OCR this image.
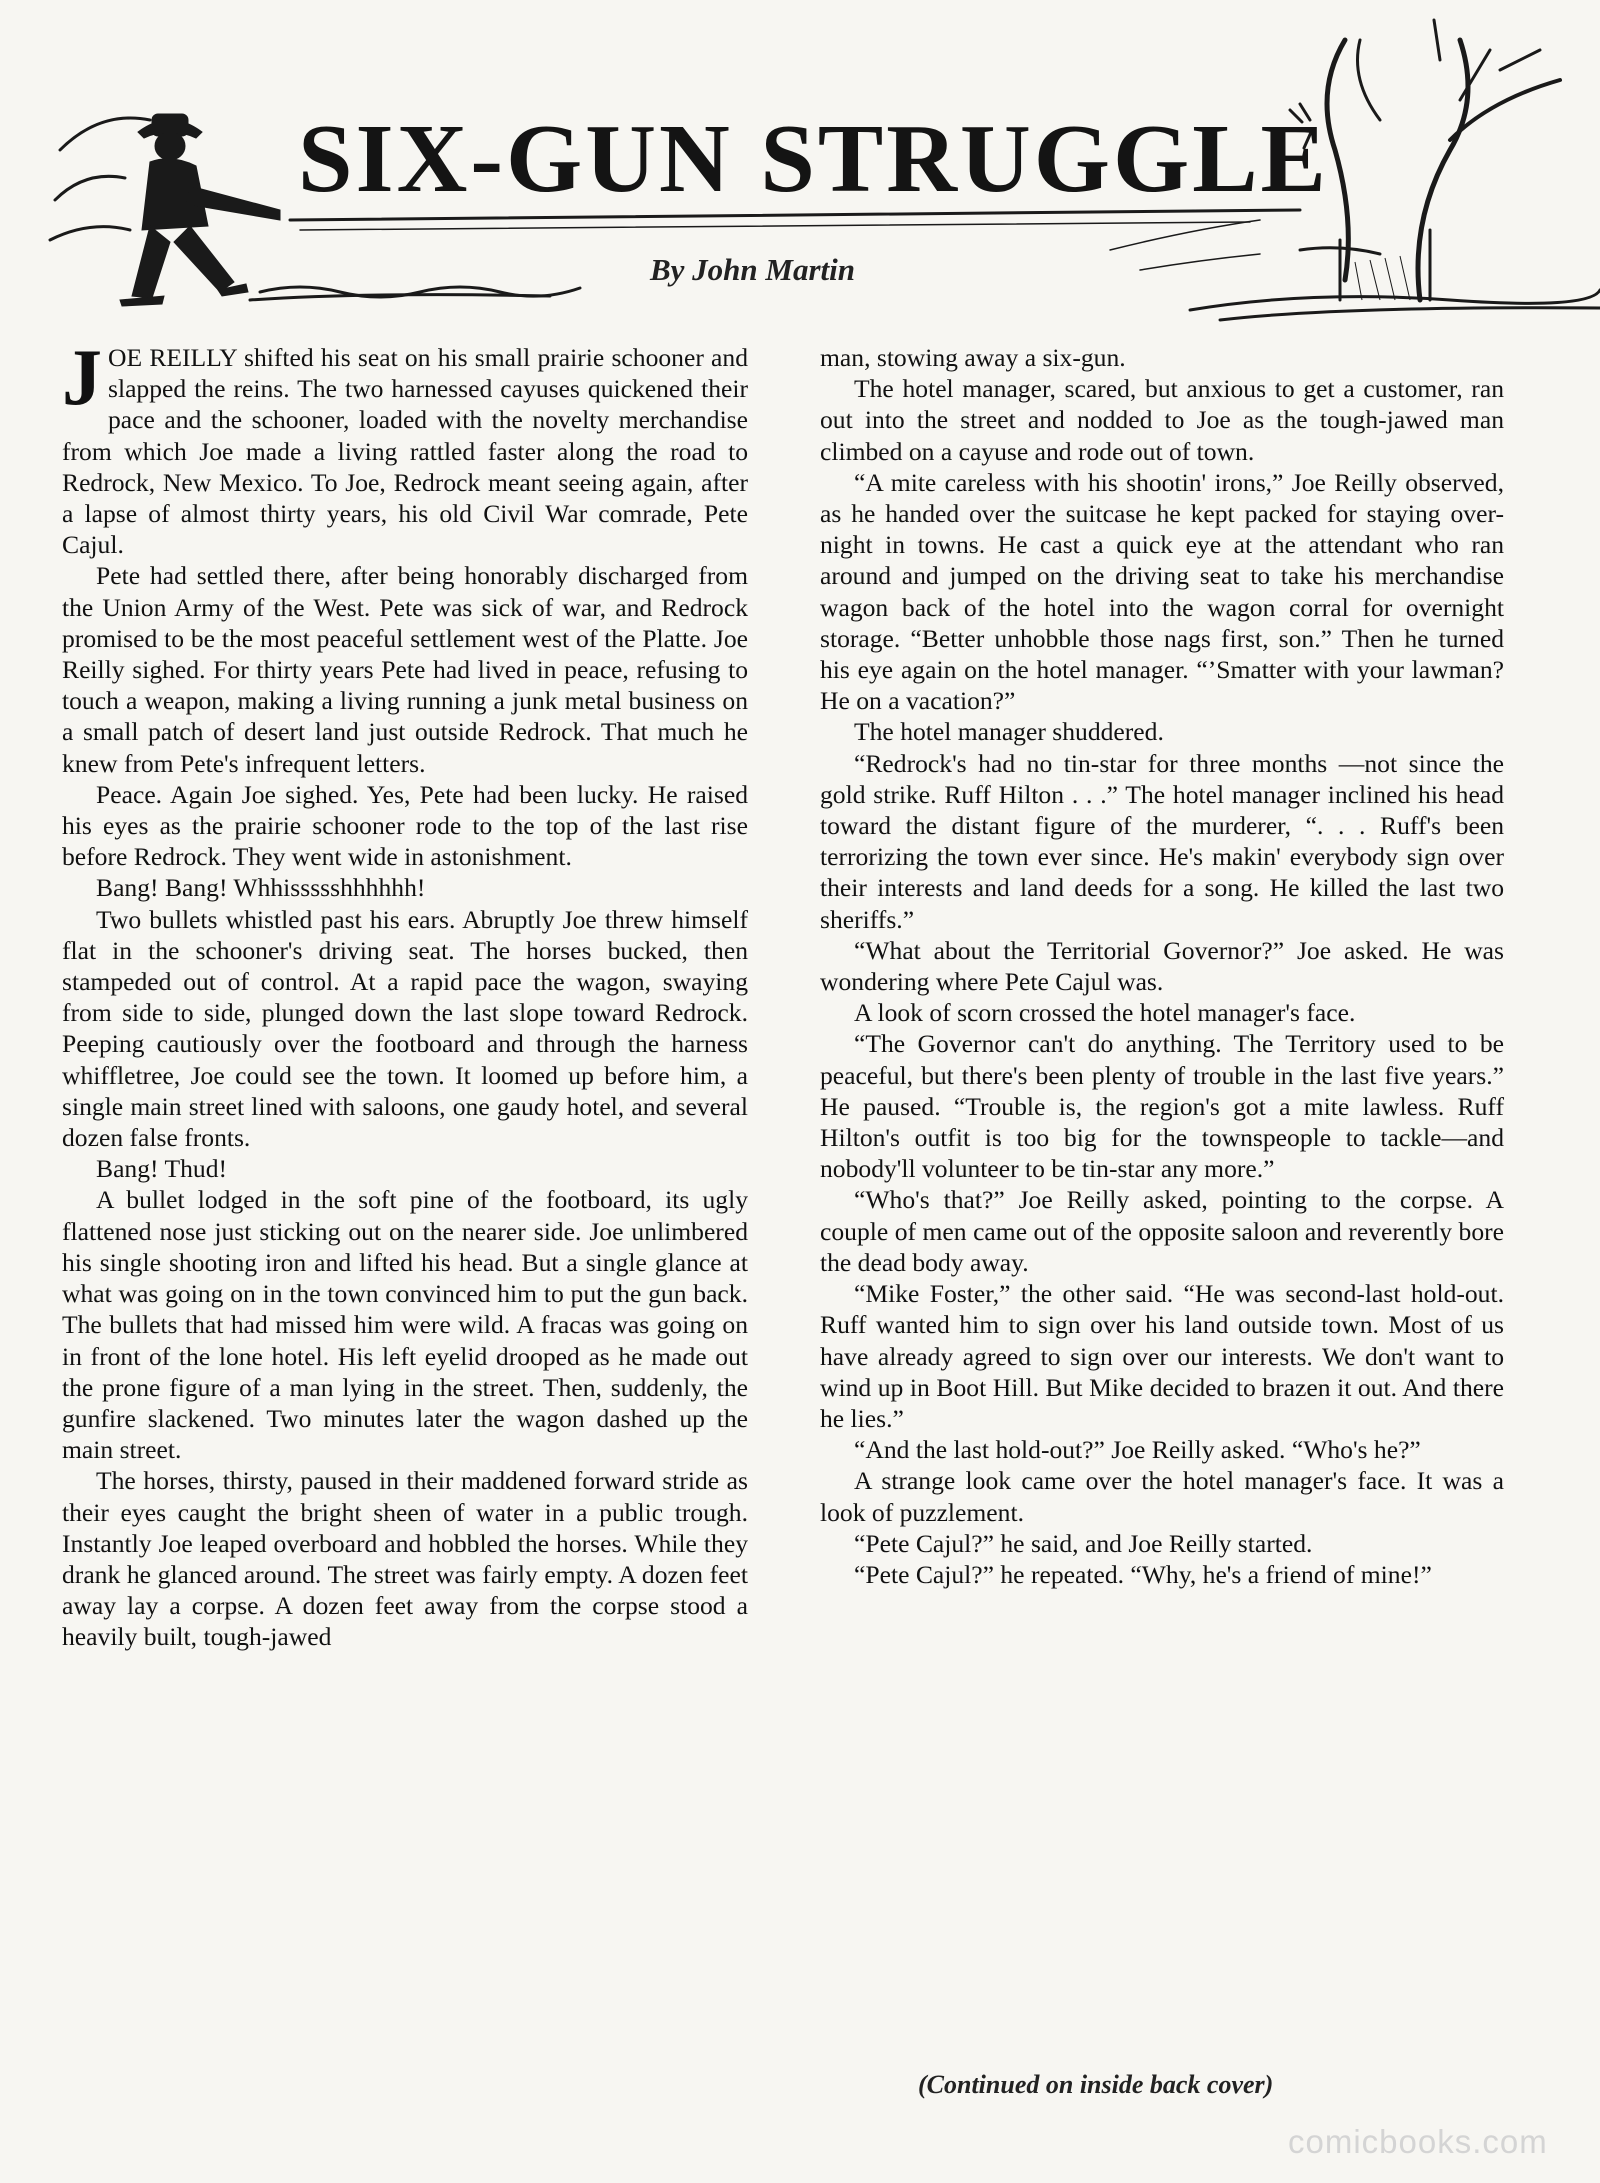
SIX-GUN STRUGGLE
By John Martin

JOE REILLY shifted his seat on his small prairie schooner and slapped the reins. The two harnessed cayuses quickened their pace and the schooner, loaded with the novelty merchandise from which Joe made a living rattled faster along the road to Redrock, New Mexico. To Joe, Redrock meant seeing again, after a lapse of almost thirty years, his old Civil War comrade, Pete Cajul.

Pete had settled there, after being honorably discharged from the Union Army of the West. Pete was sick of war, and Redrock promised to be the most peaceful settlement west of the Platte. Joe Reilly sighed. For thirty years Pete had lived in peace, refusing to touch a weapon, making a living running a junk metal business on a small patch of desert land just outside Redrock. That much he knew from Pete's infrequent letters.

Peace. Again Joe sighed. Yes, Pete had been lucky. He raised his eyes as the prairie schooner rode to the top of the last rise before Redrock. They went wide in astonishment.

Bang! Bang! Whhissssshhhhhh!

Two bullets whistled past his ears. Abruptly Joe threw himself flat in the schooner's driving seat. The horses bucked, then stampeded out of control. At a rapid pace the wagon, swaying from side to side, plunged down the last slope toward Redrock. Peeping cautiously over the footboard and through the harness whiffletree, Joe could see the town. It loomed up before him, a single main street lined with saloons, one gaudy hotel, and several dozen false fronts.

Bang! Thud!

A bullet lodged in the soft pine of the footboard, its ugly flattened nose just sticking out on the nearer side. Joe unlimbered his single shooting iron and lifted his head. But a single glance at what was going on in the town convinced him to put the gun back. The bullets that had missed him were wild. A fracas was going on in front of the lone hotel. His left eyelid drooped as he made out the prone figure of a man lying in the street. Then, suddenly, the gunfire slackened. Two minutes later the wagon dashed up the main street.

The horses, thirsty, paused in their maddened forward stride as their eyes caught the bright sheen of water in a public trough. Instantly Joe leaped overboard and hobbled the horses. While they drank he glanced around. The street was fairly empty. A dozen feet away lay a corpse. A dozen feet away from the corpse stood a heavily built, tough-jawed

man, stowing away a six-gun.

The hotel manager, scared, but anxious to get a customer, ran out into the street and nodded to Joe as the tough-jawed man climbed on a cayuse and rode out of town.

“A mite careless with his shootin' irons,” Joe Reilly observed, as he handed over the suitcase he kept packed for staying over-night in towns. He cast a quick eye at the attendant who ran around and jumped on the driving seat to take his merchandise wagon back of the hotel into the wagon corral for overnight storage. “Better unhobble those nags first, son.” Then he turned his eye again on the hotel manager. “’Smatter with your lawman? He on a vacation?”

The hotel manager shuddered.

“Redrock's had no tin-star for three months —not since the gold strike. Ruff Hilton . . .” The hotel manager inclined his head toward the distant figure of the murderer, “. . . Ruff's been terrorizing the town ever since. He's makin' everybody sign over their interests and land deeds for a song. He killed the last two sheriffs.”

“What about the Territorial Governor?” Joe asked. He was wondering where Pete Cajul was.

A look of scorn crossed the hotel manager's face.

“The Governor can't do anything. The Territory used to be peaceful, but there's been plenty of trouble in the last five years.” He paused. “Trouble is, the region's got a mite lawless. Ruff Hilton's outfit is too big for the townspeople to tackle—and nobody'll volunteer to be tin-star any more.”

“Who's that?” Joe Reilly asked, pointing to the corpse. A couple of men came out of the opposite saloon and reverently bore the dead body away.

“Mike Foster,” the other said. “He was second-last hold-out. Ruff wanted him to sign over his land outside town. Most of us have already agreed to sign over our interests. We don't want to wind up in Boot Hill. But Mike decided to brazen it out. And there he lies.”

“And the last hold-out?” Joe Reilly asked. “Who's he?”

A strange look came over the hotel manager's face. It was a look of puzzlement.

“Pete Cajul?” he said, and Joe Reilly started.

“Pete Cajul?” he repeated. “Why, he's a friend of mine!”

(Continued on inside back cover)
comicbooks.com
